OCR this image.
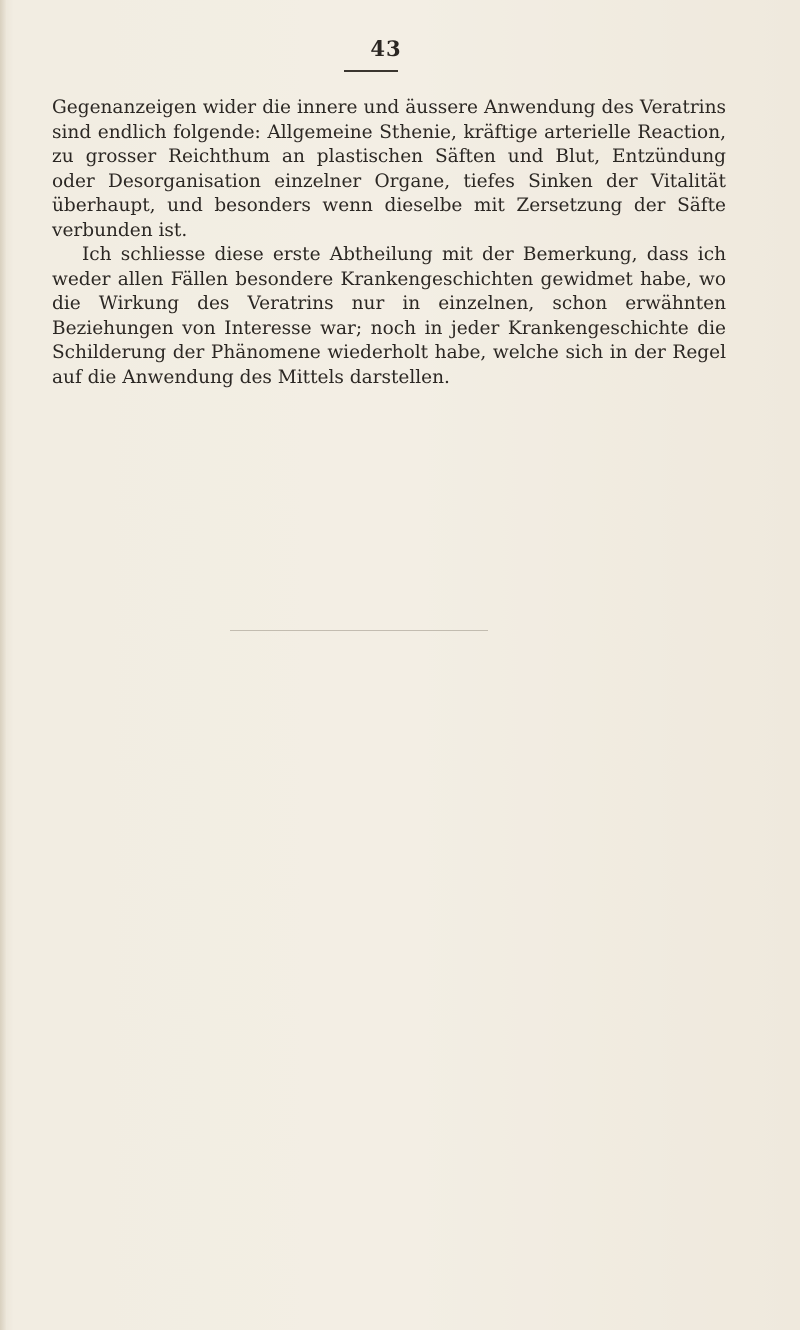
43

Gegenanzeigen wider die innere und äussere Anwendung des Veratrins sind endlich folgende: Allgemeine Sthenie, kräftige arterielle Reaction, zu grosser Reichthum an plastischen Säften und Blut, Entzündung oder Desorganisation einzelner Organe, tiefes Sinken der Vitalität überhaupt, und besonders wenn dieselbe mit Zersetzung der Säfte verbunden ist.

Ich schliesse diese erste Abtheilung mit der Bemerkung, dass ich weder allen Fällen besondere Krankengeschichten gewidmet habe, wo die Wirkung des Veratrins nur in einzelnen, schon erwähnten Beziehungen von Interesse war; noch in jeder Krankengeschichte die Schilderung der Phänomene wiederholt habe, welche sich in der Regel auf die Anwendung des Mittels darstellen.
